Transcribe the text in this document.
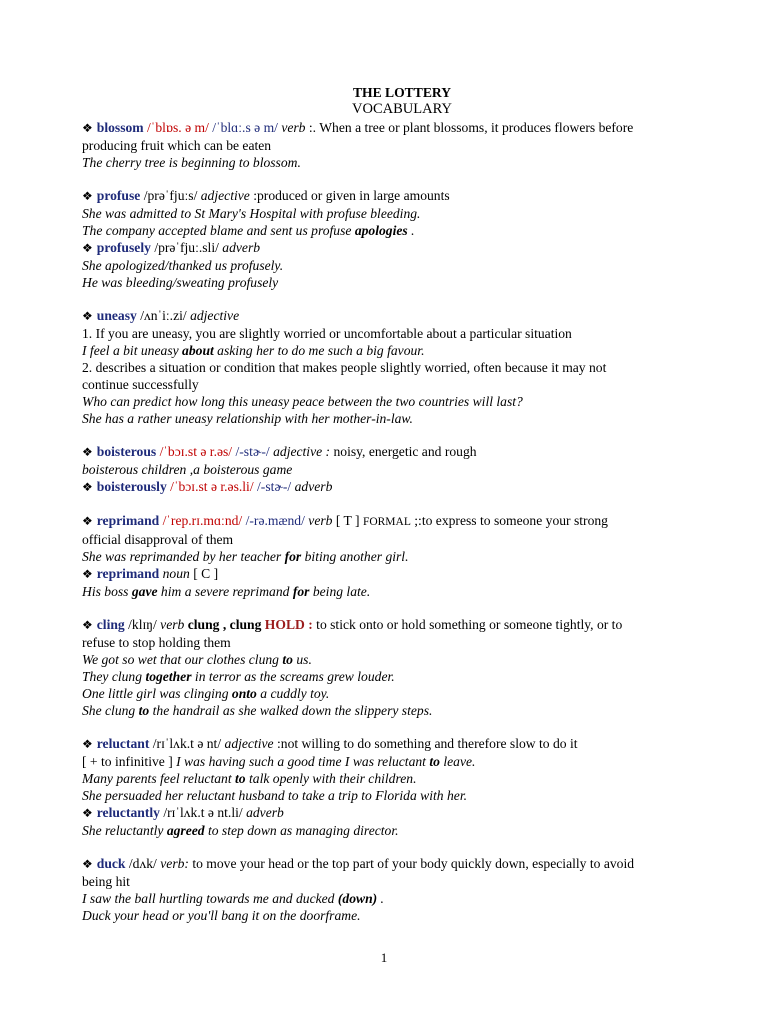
THE LOTTERY

VOCABULARY

❖ blossom /ˈblɒs. ə m/ /ˈblɑː.s ə m/ verb :. When a tree or plant blossoms, it produces flowers before

producing fruit which can be eaten

The cherry tree is beginning to blossom.

❖ profuse /prəˈfjuːs/ adjective :produced or given in large amounts

She was admitted to St Mary's Hospital with profuse bleeding.

The company accepted blame and sent us profuse apologies .

❖ profusely /prəˈfjuː.sli/ adverb

She apologized/thanked us profusely.

He was bleeding/sweating profusely

❖ uneasy /ʌnˈiː.zi/ adjective

1. If you are uneasy, you are slightly worried or uncomfortable about a particular situation

I feel a bit uneasy about asking her to do me such a big favour.

2. describes a situation or condition that makes people slightly worried, often because it may not

continue successfully

Who can predict how long this uneasy peace between the two countries will last?

She has a rather uneasy relationship with her mother-in-law.

❖ boisterous /ˈbɔɪ.st ə r.əs/ /-stɚ-/ adjective : noisy, energetic and rough

boisterous children ,a boisterous game

❖ boisterously /ˈbɔɪ.st ə r.əs.li/ /-stɚ-/ adverb

❖ reprimand /ˈrep.rɪ.mɑːnd/ /-rə.mænd/ verb [ T ] FORMAL ;:to express to someone your strong

official disapproval of them

She was reprimanded by her teacher for biting another girl.

❖ reprimand noun [ C ]

His boss gave him a severe reprimand for being late.

❖ cling /klɪŋ/ verb clung , clung HOLD : to stick onto or hold something or someone tightly, or to

refuse to stop holding them

We got so wet that our clothes clung to us.

They clung together in terror as the screams grew louder.

One little girl was clinging onto a cuddly toy.

She clung to the handrail as she walked down the slippery steps.

❖ reluctant /rɪˈlʌk.t ə nt/ adjective :not willing to do something and therefore slow to do it

[ + to infinitive ] I was having such a good time I was reluctant to leave.

Many parents feel reluctant to talk openly with their children.

She persuaded her reluctant husband to take a trip to Florida with her.

❖ reluctantly /rɪˈlʌk.t ə nt.li/ adverb

She reluctantly agreed to step down as managing director.

❖ duck /dʌk/ verb: to move your head or the top part of your body quickly down, especially to avoid

being hit

I saw the ball hurtling towards me and ducked (down) .

Duck your head or you'll bang it on the doorframe.

1
